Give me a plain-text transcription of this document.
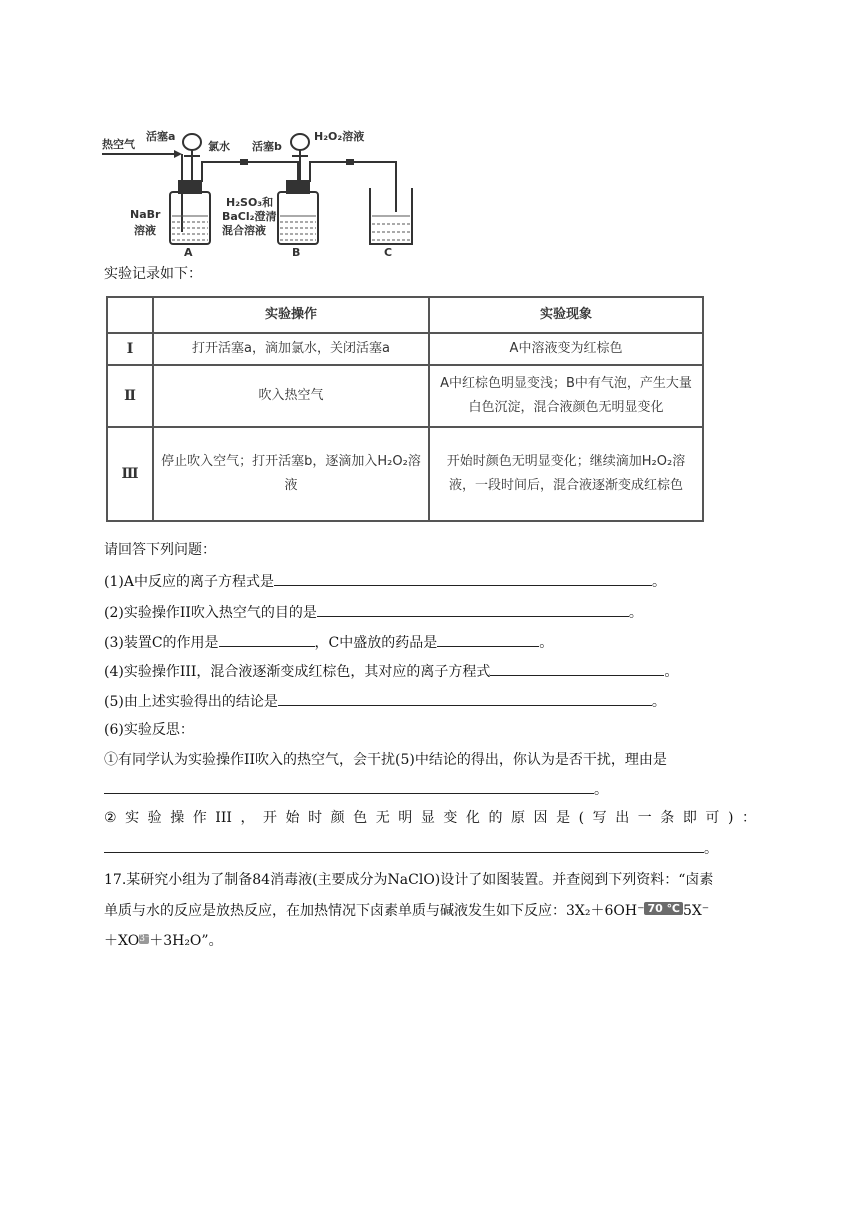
热空气
活塞a
氯水 活塞b
H₂O₂溶液
NaBr
溶液
H₂SO₃和
BaCl₂澄清
混合溶液
A	B	C
实验记录如下：
	实验操作	实验现象
Ⅰ	打开活塞a，滴加氯水，关闭活塞a	A中溶液变为红棕色
Ⅱ	吹入热空气	A中红棕色明显变浅；B中有气泡，产生大量白色沉淀，混合液颜色无明显变化
Ⅲ	停止吹入空气；打开活塞b，逐滴加入H₂O₂溶液	开始时颜色无明显变化；继续滴加H₂O₂溶液，一段时间后，混合液逐渐变成红棕色
请回答下列问题：
(1)A中反应的离子方程式是	。
(2)实验操作II吹入热空气的目的是	。
(3)装置C的作用是	，C中盛放的药品是	。
(4)实验操作III，混合液逐渐变成红棕色，其对应的离子方程式	。
(5)由上述实验得出的结论是	。
(6)实验反思：
①有同学认为实验操作II吹入的热空气，会干扰(5)中结论的得出，你认为是否干扰，理由是
。
② 实 验 操 作 III ， 开 始 时 颜 色 无 明 显 变 化 的 原 因 是 ( 写 出 一 条 即 可 ) ：
。
17.某研究小组为了制备84消毒液(主要成分为NaClO)设计了如图装置。并查阅到下列资料：“卤素
单质与水的反应是放热反应，在加热情况下卤素单质与碱液发生如下反应：3X₂＋6OH⁻ 70 ℃ 5X⁻
＋XO3⁻＋3H₂O”。
